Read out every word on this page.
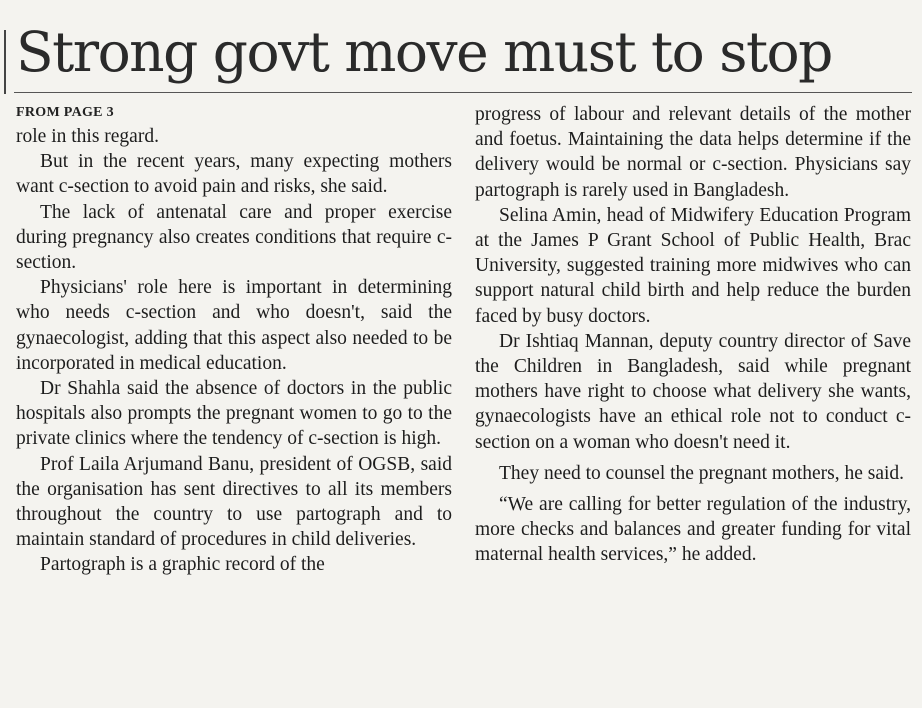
Strong govt move must to stop
FROM PAGE 3

role in this regard.

But in the recent years, many expecting mothers want c-section to avoid pain and risks, she said.

The lack of antenatal care and proper exercise during pregnancy also creates conditions that require c-section.

Physicians' role here is important in determining who needs c-section and who doesn't, said the gynaecologist, adding that this aspect also needed to be incorporated in medical education.

Dr Shahla said the absence of doctors in the public hospitals also prompts the pregnant women to go to the private clinics where the tendency of c-section is high.

Prof Laila Arjumand Banu, president of OGSB, said the organisation has sent directives to all its members throughout the country to use partograph and to maintain standard of procedures in child deliveries.

Partograph is a graphic record of the

progress of labour and relevant details of the mother and foetus. Maintaining the data helps determine if the delivery would be normal or c-section. Physicians say partograph is rarely used in Bangladesh.

Selina Amin, head of Midwifery Education Program at the James P Grant School of Public Health, Brac University, suggested training more midwives who can support natural child birth and help reduce the burden faced by busy doctors.

Dr Ishtiaq Mannan, deputy country director of Save the Children in Bangladesh, said while pregnant mothers have right to choose what delivery she wants, gynaecologists have an ethical role not to conduct c-section on a woman who doesn't need it.

They need to counsel the pregnant mothers, he said.

“We are calling for better regulation of the industry, more checks and balances and greater funding for vital maternal health services,” he added.
